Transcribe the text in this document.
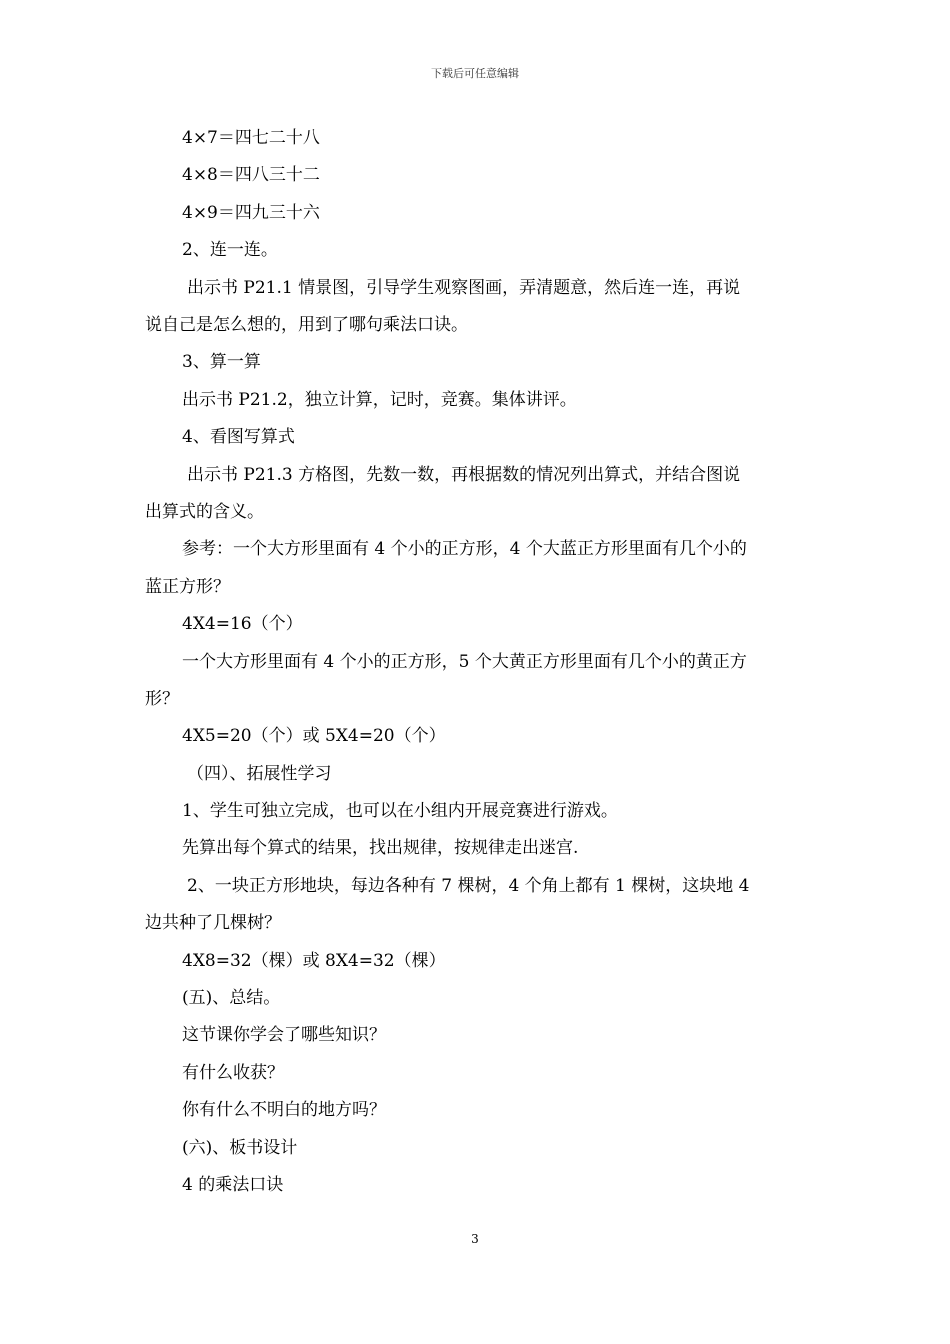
下载后可任意编辑
4×7＝四七二十八
4×8＝四八三十二
4×9＝四九三十六
2、连一连。
出示书 P21.1 情景图，引导学生观察图画，弄清题意，然后连一连，再说
说自己是怎么想的，用到了哪句乘法口诀。
3、算一算
出示书 P21.2，独立计算，记时，竞赛。集体讲评。
4、看图写算式
出示书 P21.3 方格图，先数一数，再根据数的情况列出算式，并结合图说
出算式的含义。
参考：一个大方形里面有 4 个小的正方形，4 个大蓝正方形里面有几个小的
蓝正方形？
4X4=16（个）
一个大方形里面有 4 个小的正方形，5 个大黄正方形里面有几个小的黄正方
形？
4X5=20（个）或 5X4=20（个）
（四）、拓展性学习
1、学生可独立完成，也可以在小组内开展竞赛进行游戏。
先算出每个算式的结果，找出规律，按规律走出迷宫.
2、一块正方形地块，每边各种有 7 棵树，4 个角上都有 1 棵树，这块地 4
边共种了几棵树？
4X8=32（棵）或 8X4=32（棵）
(五)、总结。
这节课你学会了哪些知识？
有什么收获？
你有什么不明白的地方吗？
(六)、板书设计
4 的乘法口诀
3
